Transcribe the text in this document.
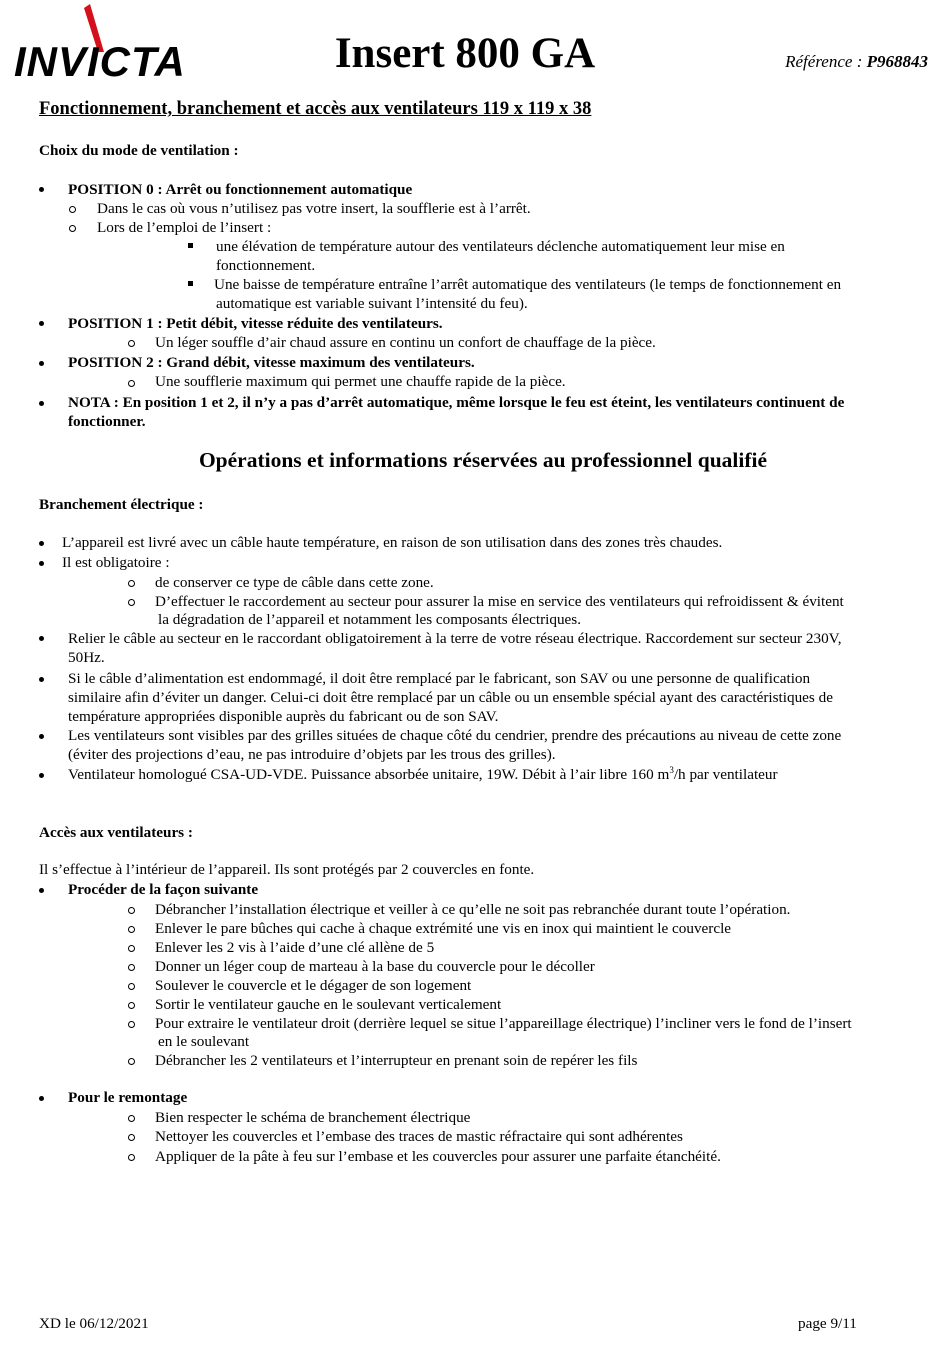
INVICTA	Insert 800 GA	Référence : P968843
Fonctionnement, branchement et accès aux ventilateurs 119 x 119 x 38
Choix du mode de ventilation :
POSITION 0 : Arrêt ou fonctionnement automatique
Dans le cas où vous n’utilisez pas votre insert, la soufflerie est à l’arrêt.
Lors de l’emploi de l’insert :
une élévation de température autour des ventilateurs déclenche automatiquement leur mise en
fonctionnement.
Une baisse de température entraîne l’arrêt automatique des ventilateurs (le temps de fonctionnement en
automatique est variable suivant l’intensité du feu).
POSITION 1 : Petit débit, vitesse réduite des ventilateurs.
Un léger souffle d’air chaud assure en continu un confort de chauffage de la pièce.
POSITION 2 : Grand débit, vitesse maximum des ventilateurs.
Une soufflerie maximum qui permet une chauffe rapide de la pièce.
NOTA : En position 1 et 2, il n’y a pas d’arrêt automatique, même lorsque le feu est éteint, les ventilateurs continuent de
fonctionner.
Opérations et informations réservées au professionnel qualifié
Branchement électrique :
L’appareil est livré avec un câble haute température, en raison de son utilisation dans des zones très chaudes.
Il est obligatoire :
de conserver ce type de câble dans cette zone.
D’effectuer le raccordement au secteur pour assurer la mise en service des ventilateurs qui refroidissent & évitent
la dégradation de l’appareil et notamment les composants électriques.
Relier le câble au secteur en le raccordant obligatoirement à la terre de votre réseau électrique. Raccordement sur secteur 230V,
50Hz.
Si le câble d’alimentation est endommagé, il doit être remplacé par le fabricant, son SAV ou une personne de qualification
similaire afin d’éviter un danger. Celui-ci doit être remplacé par un câble ou un ensemble spécial ayant des caractéristiques de
température appropriées disponible auprès du fabricant ou de son SAV.
Les ventilateurs sont visibles par des grilles situées de chaque côté du cendrier, prendre des précautions au niveau de cette zone
(éviter des projections d’eau, ne pas introduire d’objets par les trous des grilles).
Ventilateur homologué CSA-UD-VDE. Puissance absorbée unitaire, 19W. Débit à l’air libre 160 $m^3/h$ par ventilateur
Accès aux ventilateurs :
Il s’effectue à l’intérieur de l’appareil. Ils sont protégés par 2 couvercles en fonte.
Procéder de la façon suivante
Débrancher l’installation électrique et veiller à ce qu’elle ne soit pas rebranchée durant toute l’opération.
Enlever le pare bûches qui cache à chaque extrémité une vis en inox qui maintient le couvercle
Enlever les 2 vis à l’aide d’une clé allène de 5
Donner un léger coup de marteau à la base du couvercle pour le décoller
Soulever le couvercle et le dégager de son logement
Sortir le ventilateur gauche en le soulevant verticalement
Pour extraire le ventilateur droit (derrière lequel se situe l’appareillage électrique) l’incliner vers le fond de l’insert
en le soulevant
Débrancher les 2 ventilateurs et l’interrupteur en prenant soin de repérer les fils
Pour le remontage
Bien respecter le schéma de branchement électrique
Nettoyer les couvercles et l’embase des traces de mastic réfractaire qui sont adhérentes
Appliquer de la pâte à feu sur l’embase et les couvercles pour assurer une parfaite étanchéité.
XD le 06/12/2021	page 9/11
